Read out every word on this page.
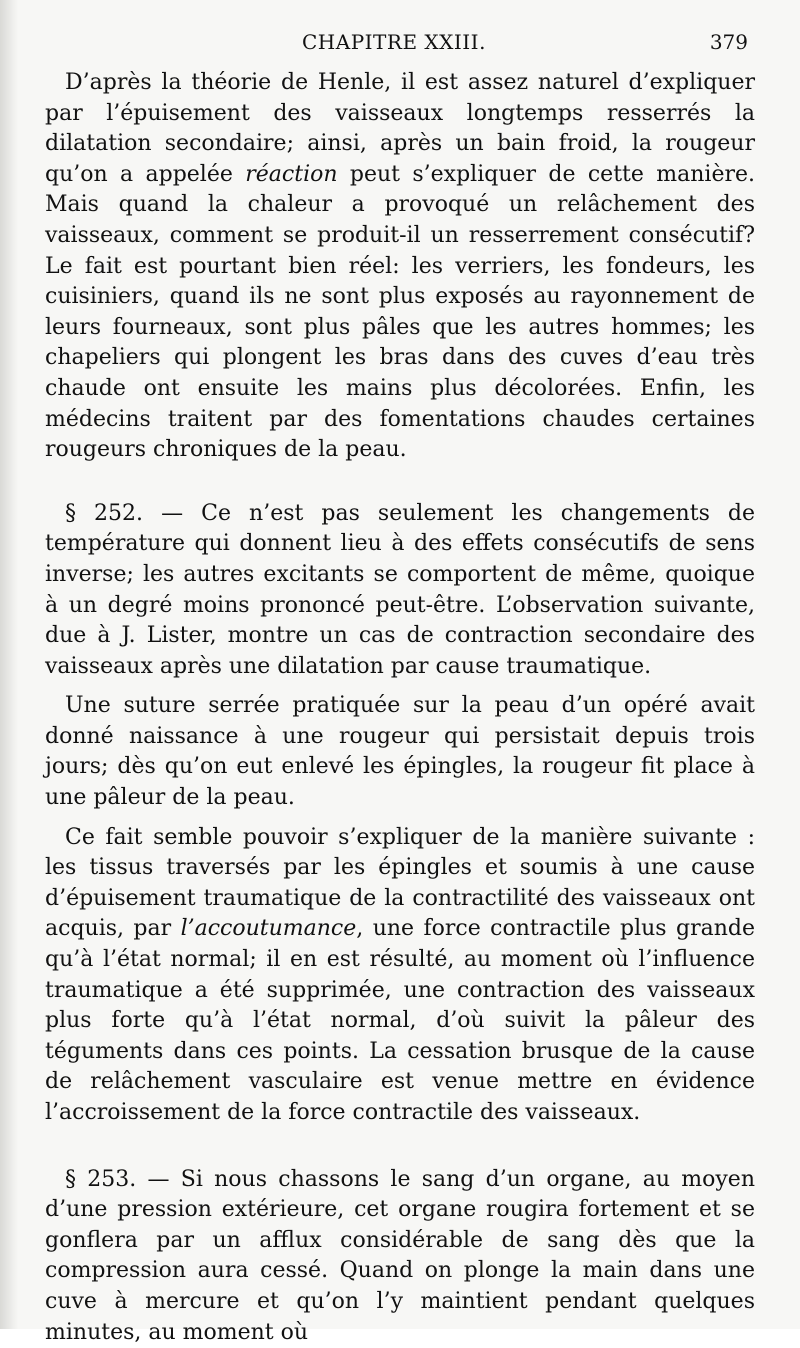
CHAPITRE XXIII.	379

D’après la théorie de Henle, il est assez naturel d’expliquer par l’épuisement des vaisseaux longtemps resserrés la dilatation secondaire; ainsi, après un bain froid, la rougeur qu’on a appelée réaction peut s’expliquer de cette manière. Mais quand la chaleur a provoqué un relâchement des vaisseaux, comment se produit-il un resserrement consécutif? Le fait est pourtant bien réel: les verriers, les fondeurs, les cuisiniers, quand ils ne sont plus exposés au rayonnement de leurs fourneaux, sont plus pâles que les autres hommes; les chapeliers qui plongent les bras dans des cuves d’eau très chaude ont ensuite les mains plus décolorées. Enfin, les médecins traitent par des fomentations chaudes certaines rougeurs chroniques de la peau.

§ 252. — Ce n’est pas seulement les changements de température qui donnent lieu à des effets consécutifs de sens inverse; les autres excitants se comportent de même, quoique à un degré moins prononcé peut-être. L’observation suivante, due à J. Lister, montre un cas de contraction secondaire des vaisseaux après une dilatation par cause traumatique.

Une suture serrée pratiquée sur la peau d’un opéré avait donné naissance à une rougeur qui persistait depuis trois jours; dès qu’on eut enlevé les épingles, la rougeur fit place à une pâleur de la peau.

Ce fait semble pouvoir s’expliquer de la manière suivante : les tissus traversés par les épingles et soumis à une cause d’épuisement traumatique de la contractilité des vaisseaux ont acquis, par l’accoutumance, une force contractile plus grande qu’à l’état normal; il en est résulté, au moment où l’influence traumatique a été supprimée, une contraction des vaisseaux plus forte qu’à l’état normal, d’où suivit la pâleur des téguments dans ces points. La cessation brusque de la cause de relâchement vasculaire est venue mettre en évidence l’accroissement de la force contractile des vaisseaux.

§ 253. — Si nous chassons le sang d’un organe, au moyen d’une pression extérieure, cet organe rougira fortement et se gonflera par un afflux considérable de sang dès que la compression aura cessé. Quand on plonge la main dans une cuve à mercure et qu’on l’y maintient pendant quelques minutes, au moment où
